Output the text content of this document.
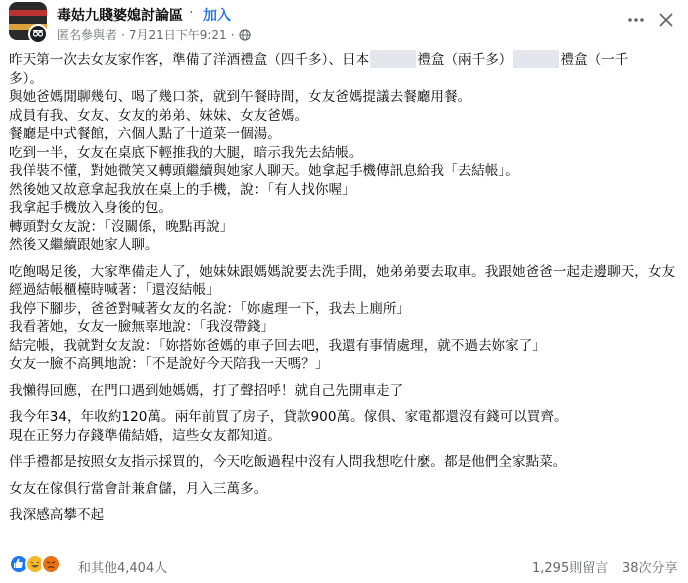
毒姑九賤婆媳討論區 · 加入
匿名參與者 · 7月21日下午9:21 ·
昨天第一次去女友家作客，準備了洋酒禮盒（四千多）、日本	禮盒（兩千多）	禮盒（一千
多）。
與她爸媽閒聊幾句、喝了幾口茶，就到午餐時間，女友爸媽提議去餐廳用餐。
成員有我、女友、女友的弟弟、妹妹、女友爸媽。
餐廳是中式餐館，六個人點了十道菜一個湯。
吃到一半，女友在桌底下輕推我的大腿，暗示我先去結帳。
我佯裝不懂，對她微笑又轉頭繼續與她家人聊天。她拿起手機傳訊息給我「去結帳」。
然後她又故意拿起我放在桌上的手機，說：「有人找你喔」
我拿起手機放入身後的包。
轉頭對女友說：「沒關係，晚點再說」
然後又繼續跟她家人聊。
吃飽喝足後，大家準備走人了，她妹妹跟媽媽說要去洗手間，她弟弟要去取車。我跟她爸爸一起走邊聊天，女友經過結帳櫃檯時喊著：「還沒結帳」
我停下腳步，爸爸對喊著女友的名說：「妳處理一下，我去上廁所」
我看著她，女友一臉無辜地說：「我沒帶錢」
結完帳，我就對女友說：「妳搭妳爸媽的車子回去吧，我還有事情處理，就不過去妳家了」
女友一臉不高興地說：「不是說好今天陪我一天嗎？」
我懶得回應，在門口遇到她媽媽，打了聲招呼！就自己先開車走了
我今年34，年收約120萬。兩年前買了房子，貸款900萬。傢俱、家電都還沒有錢可以買齊。
現在正努力存錢準備結婚，這些女友都知道。
伴手禮都是按照女友指示採買的，今天吃飯過程中沒有人問我想吃什麼。都是他們全家點菜。
女友在傢俱行當會計兼倉儲，月入三萬多。
我深感高攀不起
和其他4,404人	1,295則留言 38次分享
